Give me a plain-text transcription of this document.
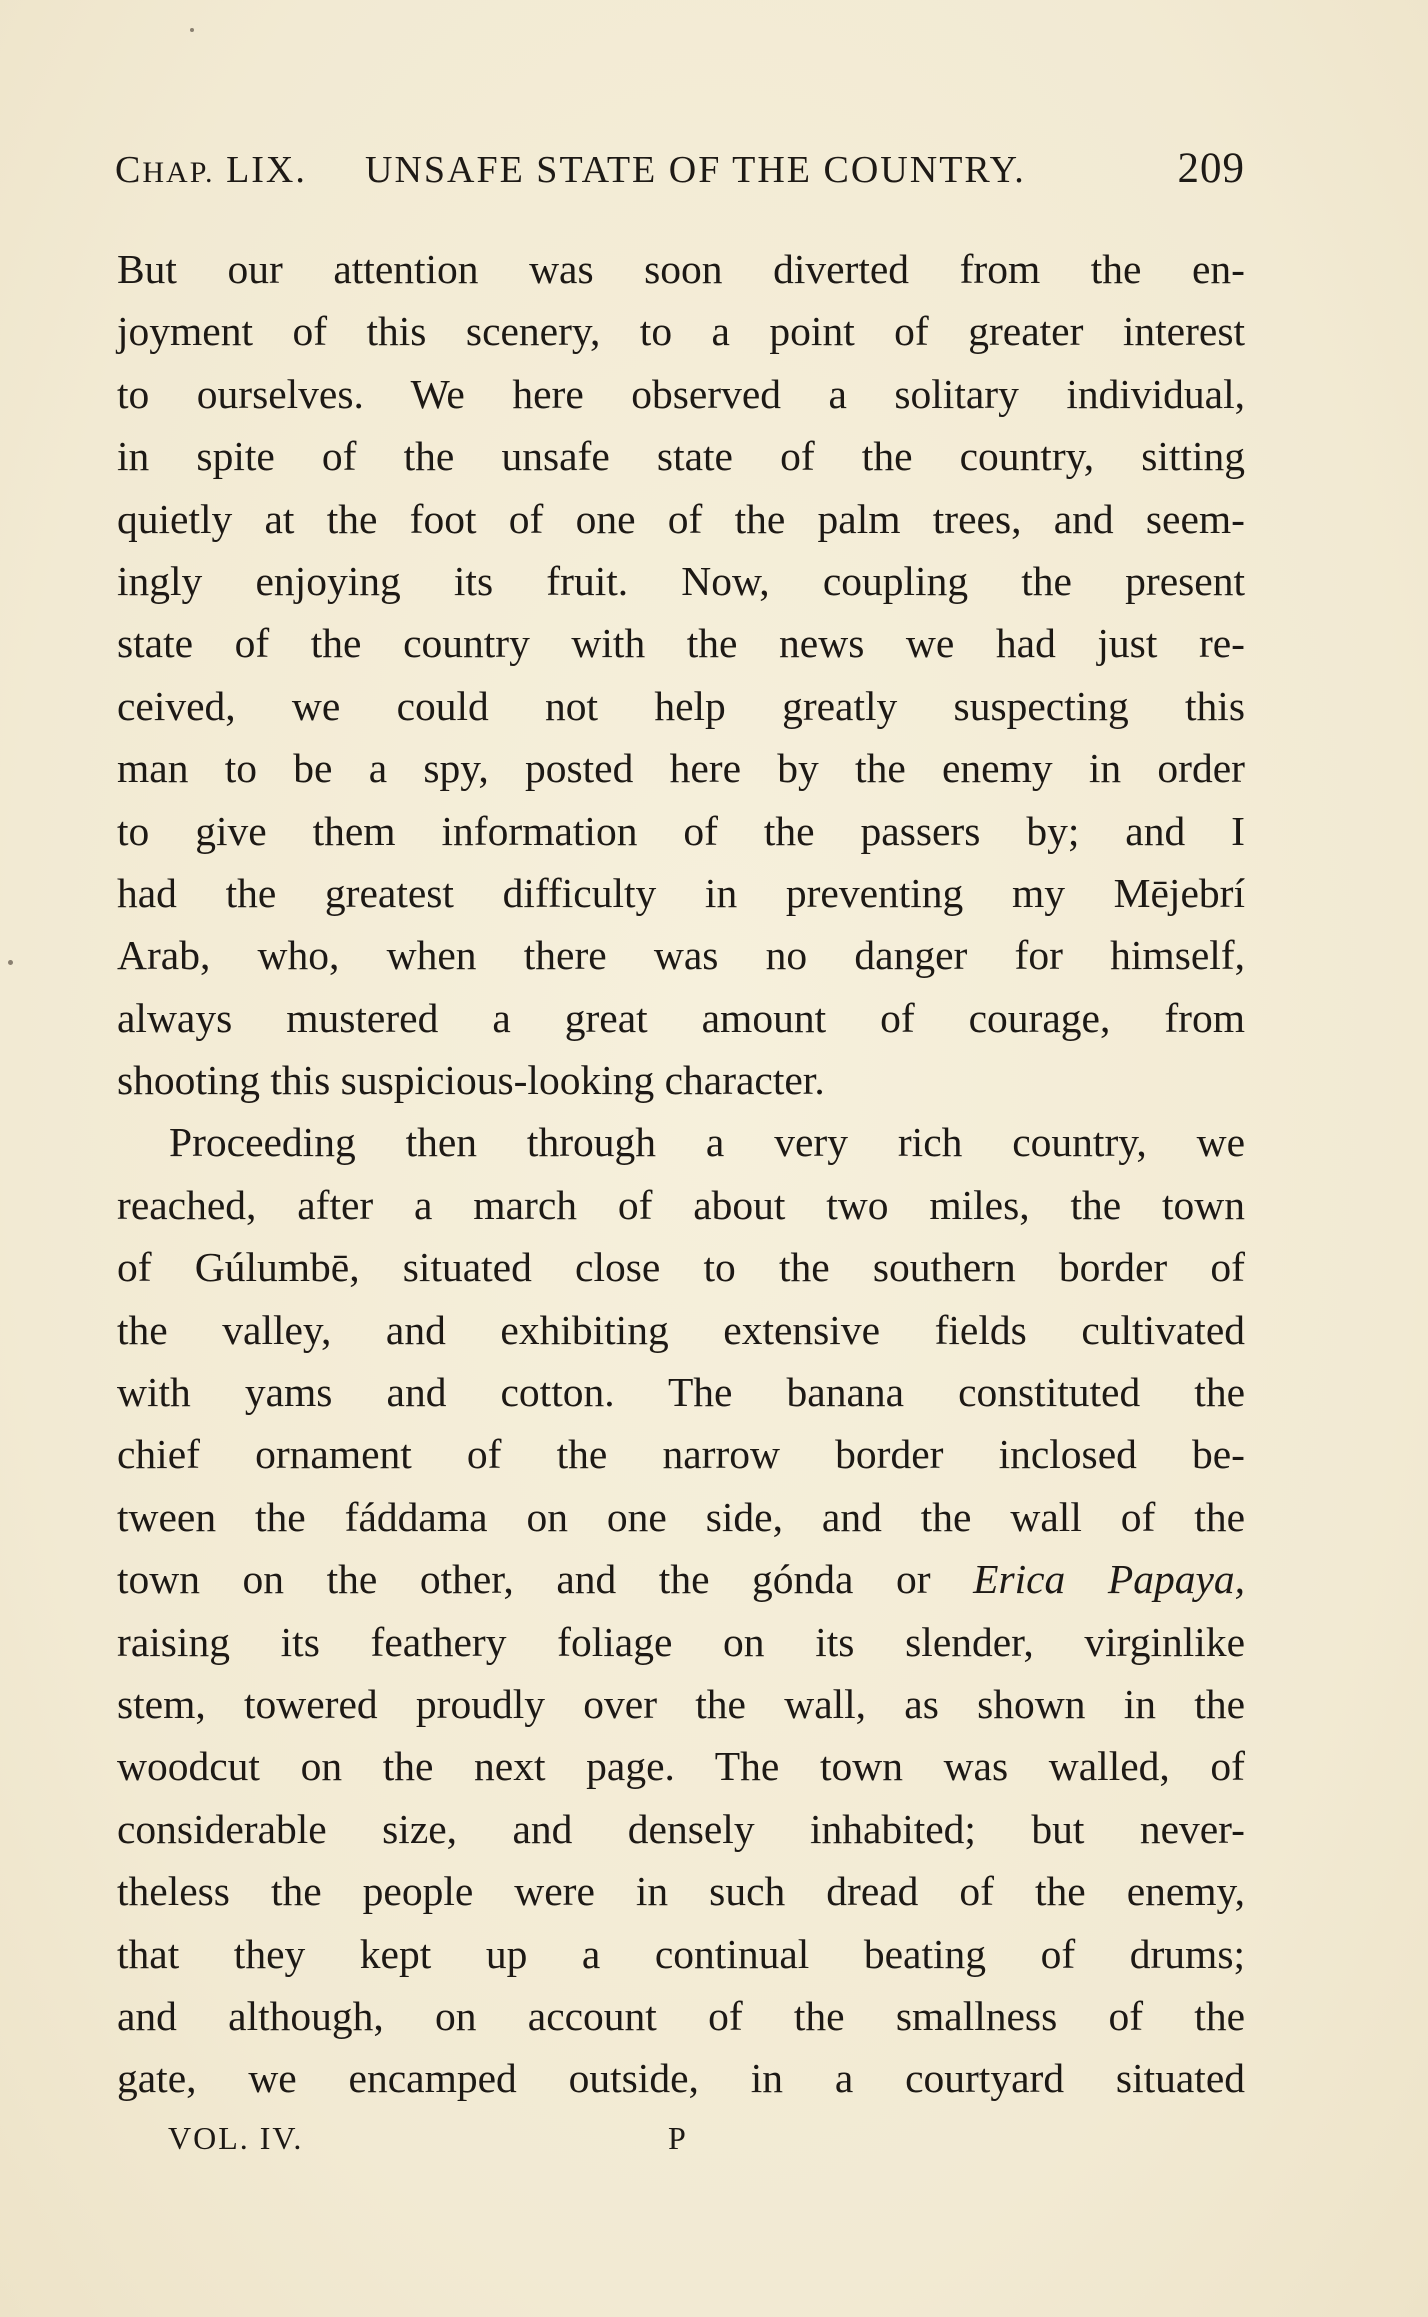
CHAP. LIX. UNSAFE STATE OF THE COUNTRY.	209
But our attention was soon diverted from the en-
joyment of this scenery, to a point of greater interest
to ourselves. We here observed a solitary individual,
in spite of the unsafe state of the country, sitting
quietly at the foot of one of the palm trees, and seem-
ingly enjoying its fruit. Now, coupling the present
state of the country with the news we had just re-
ceived, we could not help greatly suspecting this
man to be a spy, posted here by the enemy in order
to give them information of the passers by; and I
had the greatest difficulty in preventing my Mējebrí
Arab, who, when there was no danger for himself,
always mustered a great amount of courage, from
shooting this suspicious-looking character.
Proceeding then through a very rich country, we
reached, after a march of about two miles, the town
of Gúlumbē, situated close to the southern border of
the valley, and exhibiting extensive fields cultivated
with yams and cotton. The banana constituted the
chief ornament of the narrow border inclosed be-
tween the fáddama on one side, and the wall of the
town on the other, and the gónda or Erica Papaya,
raising its feathery foliage on its slender, virginlike
stem, towered proudly over the wall, as shown in the
woodcut on the next page. The town was walled, of
considerable size, and densely inhabited; but never-
theless the people were in such dread of the enemy,
that they kept up a continual beating of drums;
and although, on account of the smallness of the
gate, we encamped outside, in a courtyard situated
VOL. IV.	P
